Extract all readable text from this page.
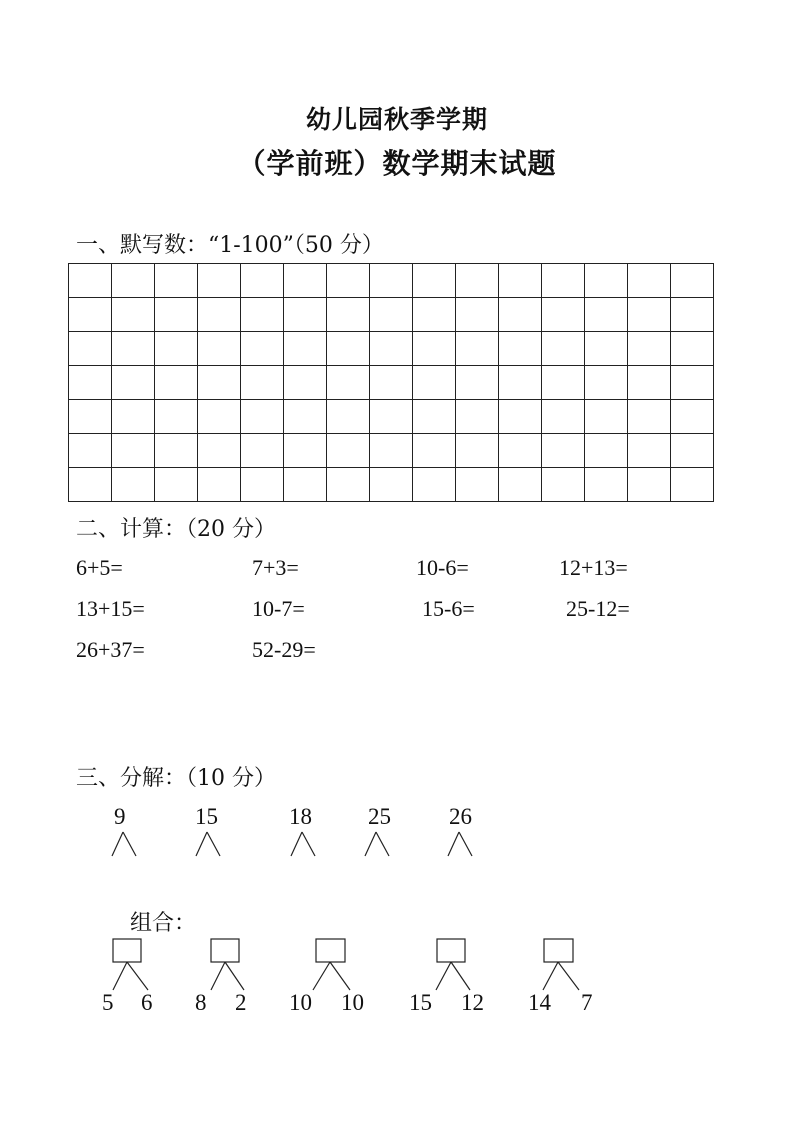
幼儿园秋季学期
（学前班）数学期末试题
一、默写数：“1-100”（50 分）

二、计算：（20 分）
6+5=	7+3=	10-6=	12+13=
13+15=	10-7=	15-6=	25-12=
26+37=	52-29=
三、分解：（10 分）
9	15	18 25	26
组合：
5 6 8 2 10 10 15 12 14 7
